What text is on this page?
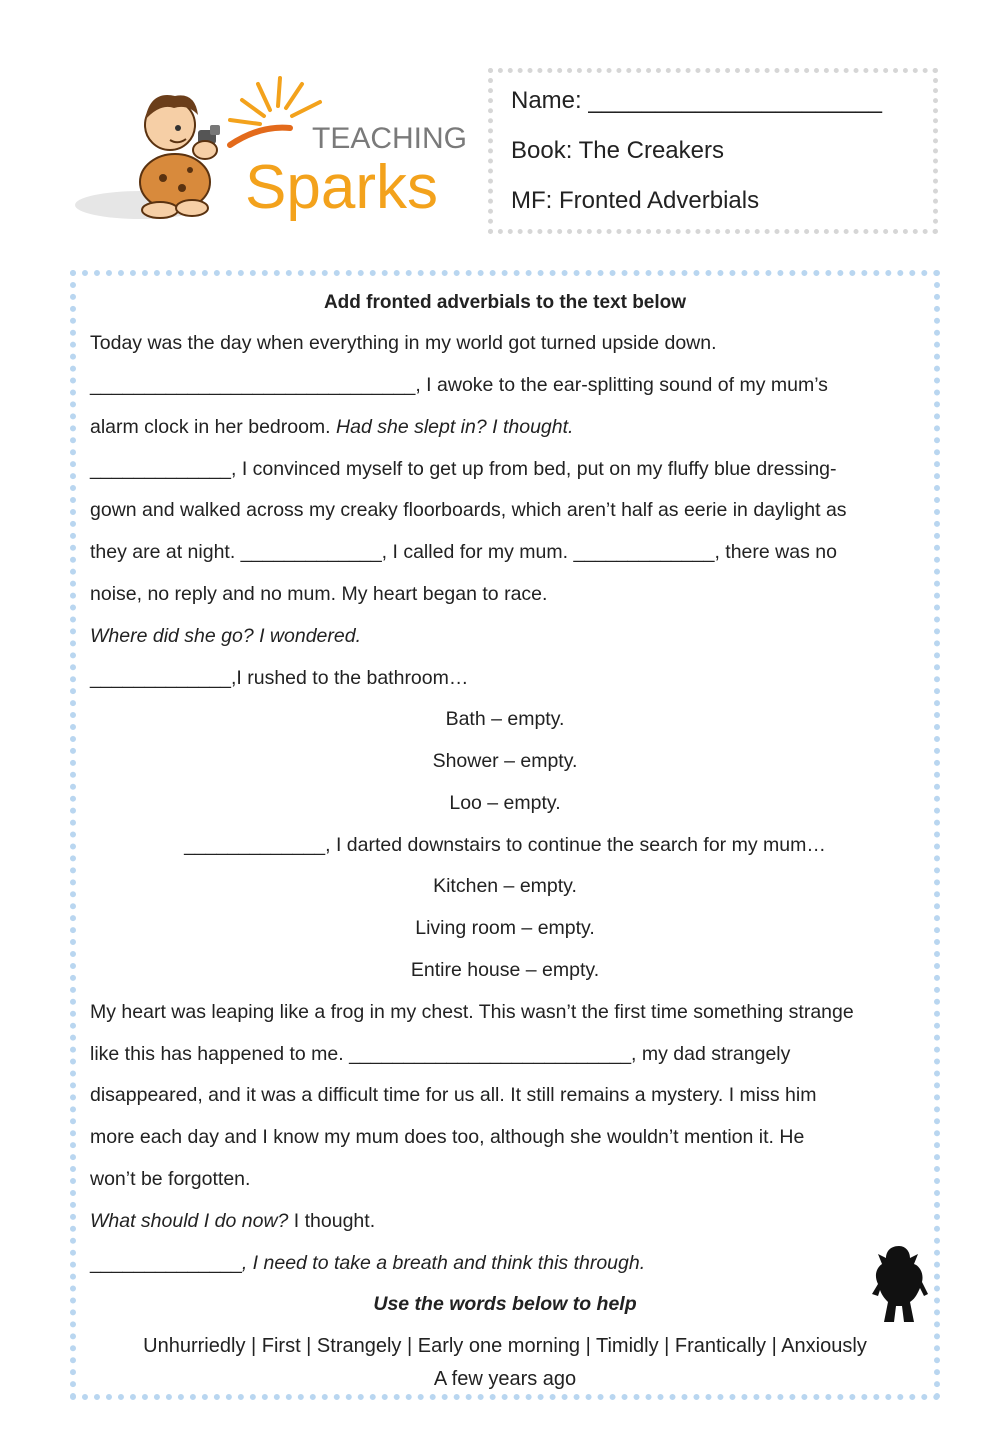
TEACHING
Sparks
Name: ______________________
Book: The Creakers
MF: Fronted Adverbials
Add fronted adverbials to the text below
Today was the day when everything in my world got turned upside down.
______________________________, I awoke to the ear-splitting sound of my mum’s
alarm clock in her bedroom. Had she slept in? I thought.
_____________, I convinced myself to get up from bed, put on my fluffy blue dressing-
gown and walked across my creaky floorboards, which aren’t half as eerie in daylight as
they are at night. _____________, I called for my mum. _____________, there was no
noise, no reply and no mum. My heart began to race.
Where did she go? I wondered.
_____________,I rushed to the bathroom…
Bath – empty.
Shower – empty.
Loo – empty.
_____________, I darted downstairs to continue the search for my mum…
Kitchen – empty.
Living room – empty.
Entire house – empty.
My heart was leaping like a frog in my chest. This wasn’t the first time something strange
like this has happened to me. __________________________, my dad strangely
disappeared, and it was a difficult time for us all. It still remains a mystery. I miss him
more each day and I know my mum does too, although she wouldn’t mention it. He
won’t be forgotten.
What should I do now? I thought.
______________, I need to take a breath and think this through.
Use the words below to help
Unhurriedly | First | Strangely | Early one morning | Timidly | Frantically | Anxiously
A few years ago
